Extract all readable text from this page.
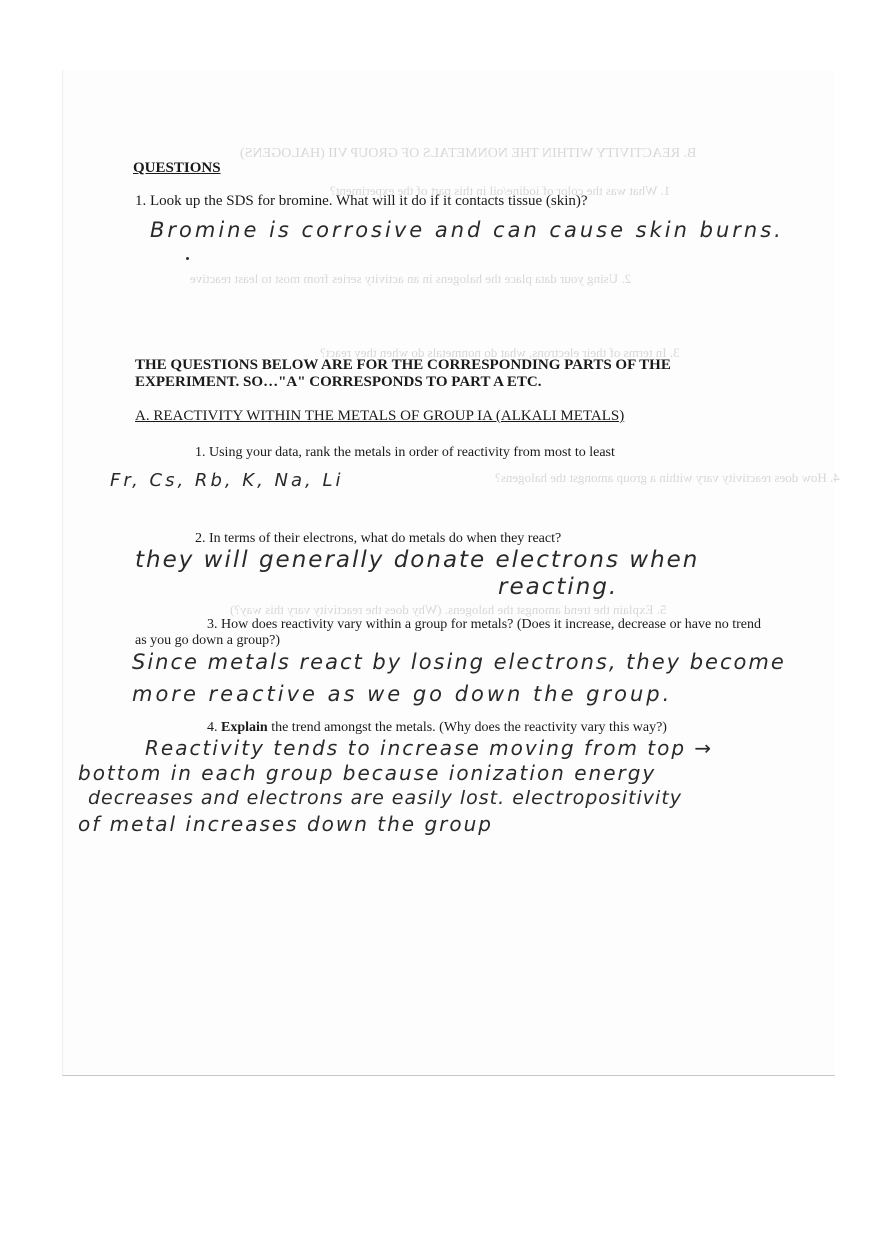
B. REACTIVITY WITHIN THE NONMETALS OF GROUP VII (HALOGENS)
1. What was the color of iodine/oil in this part of the experiment?
2. Using your data place the halogens in an activity series from most to least reactive
3. In terms of their electrons, what do nonmetals do when they react?
4. How does reactivity vary within a group amongst the halogens?
5. Explain the trend amongst the halogens. (Why does the reactivity vary this way?)
QUESTIONS
1. Look up the SDS for bromine. What will it do if it contacts tissue (skin)?
Bromine is corrosive and can cause skin burns.
THE QUESTIONS BELOW ARE FOR THE CORRESPONDING PARTS OF THE
EXPERIMENT. SO…"A" CORRESPONDS TO PART A ETC.
A. REACTIVITY WITHIN THE METALS OF GROUP IA (ALKALI METALS)
1. Using your data, rank the metals in order of reactivity from most to least
Fr, Cs, Rb, K, Na, Li
2. In terms of their electrons, what do metals do when they react?
they will generally donate electrons when
reacting.
3. How does reactivity vary within a group for metals? (Does it increase, decrease or have no trend
as you go down a group?)
Since metals react by losing electrons, they become
more reactive as we go down the group.
4. Explain the trend amongst the metals. (Why does the reactivity vary this way?)
Reactivity tends to increase moving from top →
bottom in each group because ionization energy
decreases and electrons are easily lost. electropositivity
of metal increases down the group
